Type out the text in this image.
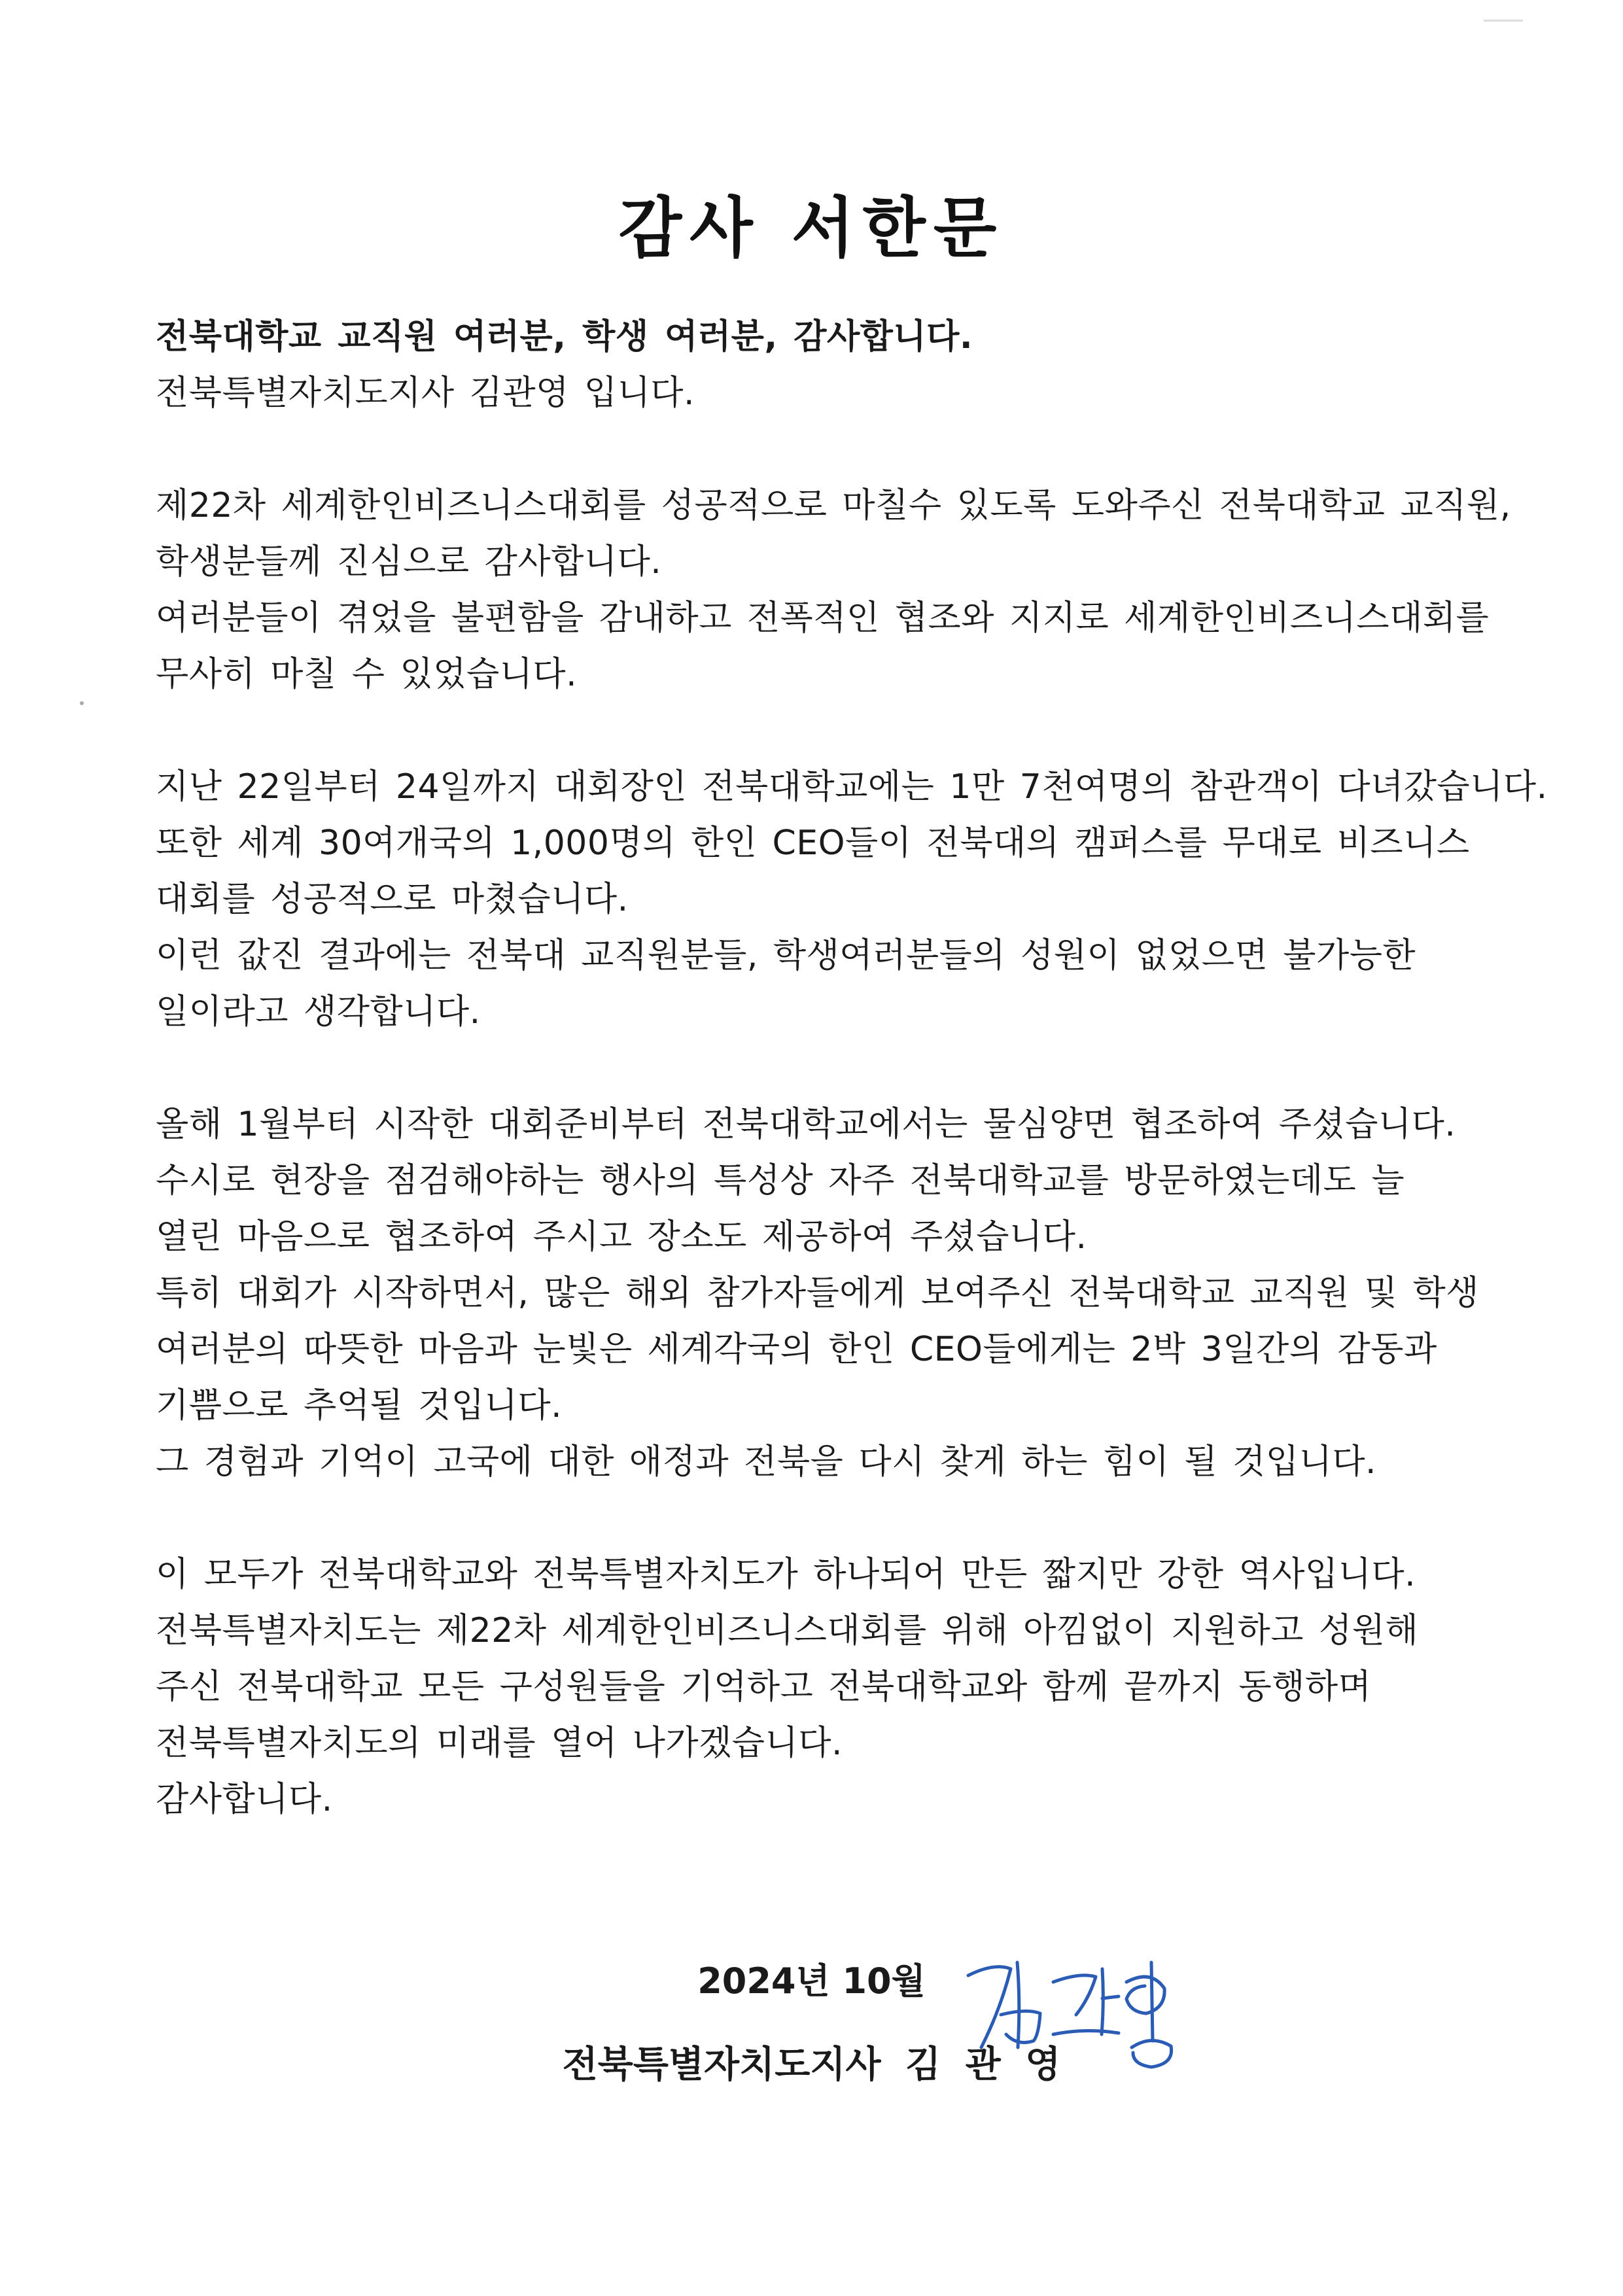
감사 서한문
전북대학교 교직원 여러분, 학생 여러분, 감사합니다.
전북특별자치도지사 김관영 입니다.
제22차 세계한인비즈니스대회를 성공적으로 마칠수 있도록 도와주신 전북대학교 교직원,
학생분들께 진심으로 감사합니다.
여러분들이 겪었을 불편함을 감내하고 전폭적인 협조와 지지로 세계한인비즈니스대회를
무사히 마칠 수 있었습니다.
지난 22일부터 24일까지 대회장인 전북대학교에는 1만 7천여명의 참관객이 다녀갔습니다.
또한 세계 30여개국의 1,000명의 한인 CEO들이 전북대의 캠퍼스를 무대로 비즈니스
대회를 성공적으로 마쳤습니다.
이런 값진 결과에는 전북대 교직원분들, 학생여러분들의 성원이 없었으면 불가능한
일이라고 생각합니다.
올해 1월부터 시작한 대회준비부터 전북대학교에서는 물심양면 협조하여 주셨습니다.
수시로 현장을 점검해야하는 행사의 특성상 자주 전북대학교를 방문하였는데도 늘
열린 마음으로 협조하여 주시고 장소도 제공하여 주셨습니다.
특히 대회가 시작하면서, 많은 해외 참가자들에게 보여주신 전북대학교 교직원 및 학생
여러분의 따뜻한 마음과 눈빛은 세계각국의 한인 CEO들에게는 2박 3일간의 감동과
기쁨으로 추억될 것입니다.
그 경험과 기억이 고국에 대한 애정과 전북을 다시 찾게 하는 힘이 될 것입니다.
이 모두가 전북대학교와 전북특별자치도가 하나되어 만든 짧지만 강한 역사입니다.
전북특별자치도는 제22차 세계한인비즈니스대회를 위해 아낌없이 지원하고 성원해
주신 전북대학교 모든 구성원들을 기억하고 전북대학교와 함께 끝까지 동행하며
전북특별자치도의 미래를 열어 나가겠습니다.
감사합니다.
2024년 10월
전북특별자치도지사 김 관 영
